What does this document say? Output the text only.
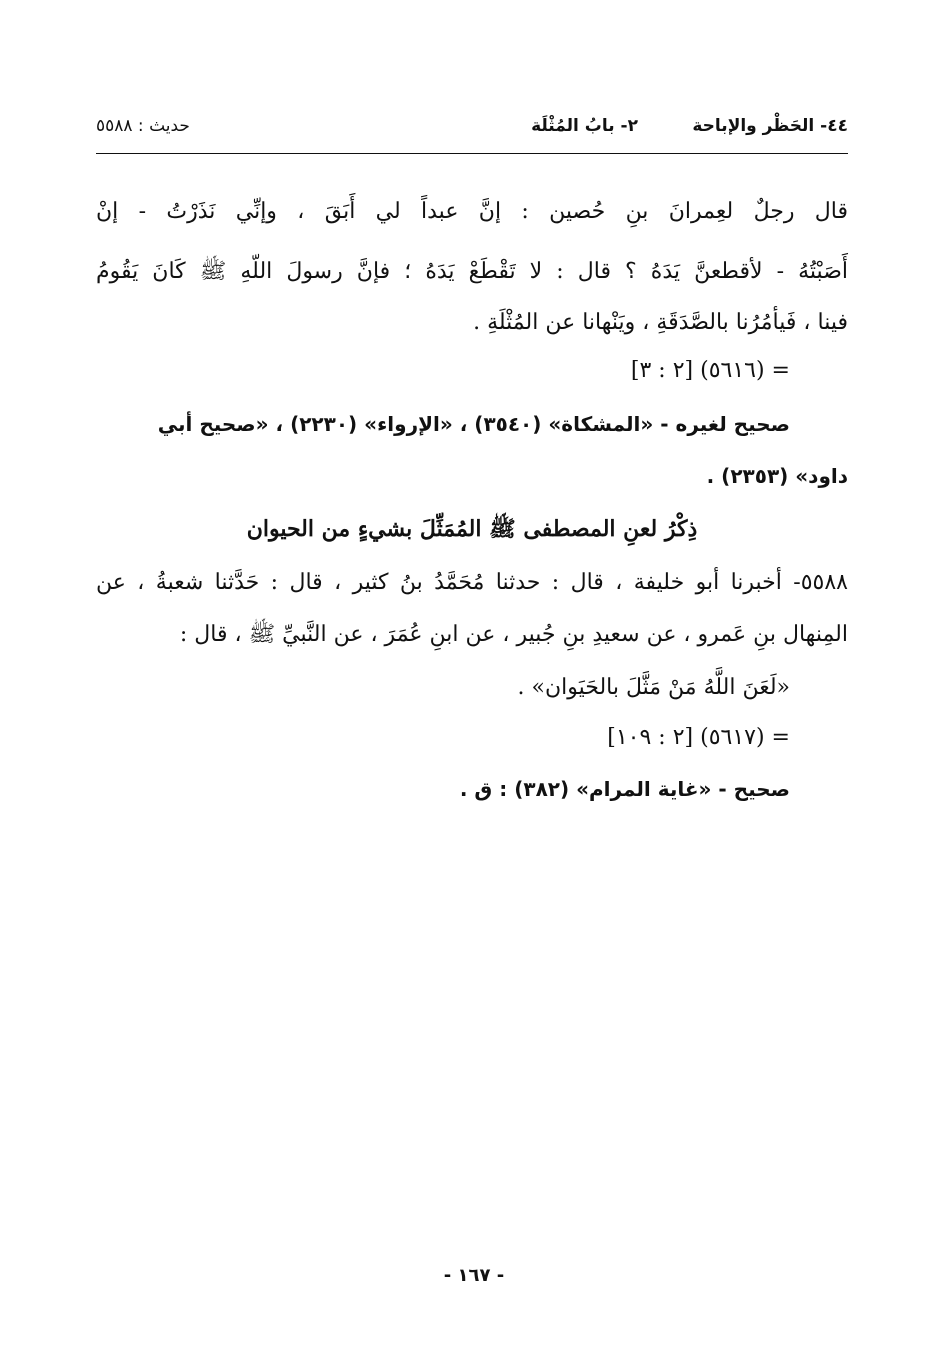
٤٤- الحَظْر والإباحة
٢- بابُ المُثْلَة
حديث : ٥٥٨٨
قال رجلٌ لعِمرانَ بنِ حُصين : إنَّ عبداً لي أَبَقَ ، وإنِّي نَذَرْتُ - إنْ
أَصَبْتُهُ - لأقطعنَّ يَدَهُ ؟ قال : لا تَقْطَعْ يَدَهُ ؛ فإنَّ رسولَ اللّهِ ﷺ كَانَ يَقُومُ
فينا ، فَيأمُرُنا بالصَّدَقَةِ ، ويَنْهانا عن المُثْلَةِ .
= (٥٦١٦) [٢ : ٣]
صحيح لغيره - «المشكاة» (٣٥٤٠) ، «الإرواء» (٢٢٣٠) ، «صحيح أبي
داود» (٢٣٥٣) .
ذِكْرُ لعنِ المصطفى ﷺ المُمَثِّلَ بشيءٍ من الحيوان
٥٥٨٨- أخبرنا أبو خليفة ، قال : حدثنا مُحَمَّدُ بنُ كثير ، قال : حَدَّثنا شعبةُ ، عن
المِنهال بنِ عَمرو ، عن سعيدِ بنِ جُبير ، عن ابنِ عُمَرَ ، عن النَّبيِّ ﷺ ، قال :
«لَعَنَ اللَّهُ مَنْ مَثَّلَ بالحَيَوان» .
= (٥٦١٧) [٢ : ١٠٩]
صحيح - «غاية المرام» (٣٨٢) : ق .
- ١٦٧ -
